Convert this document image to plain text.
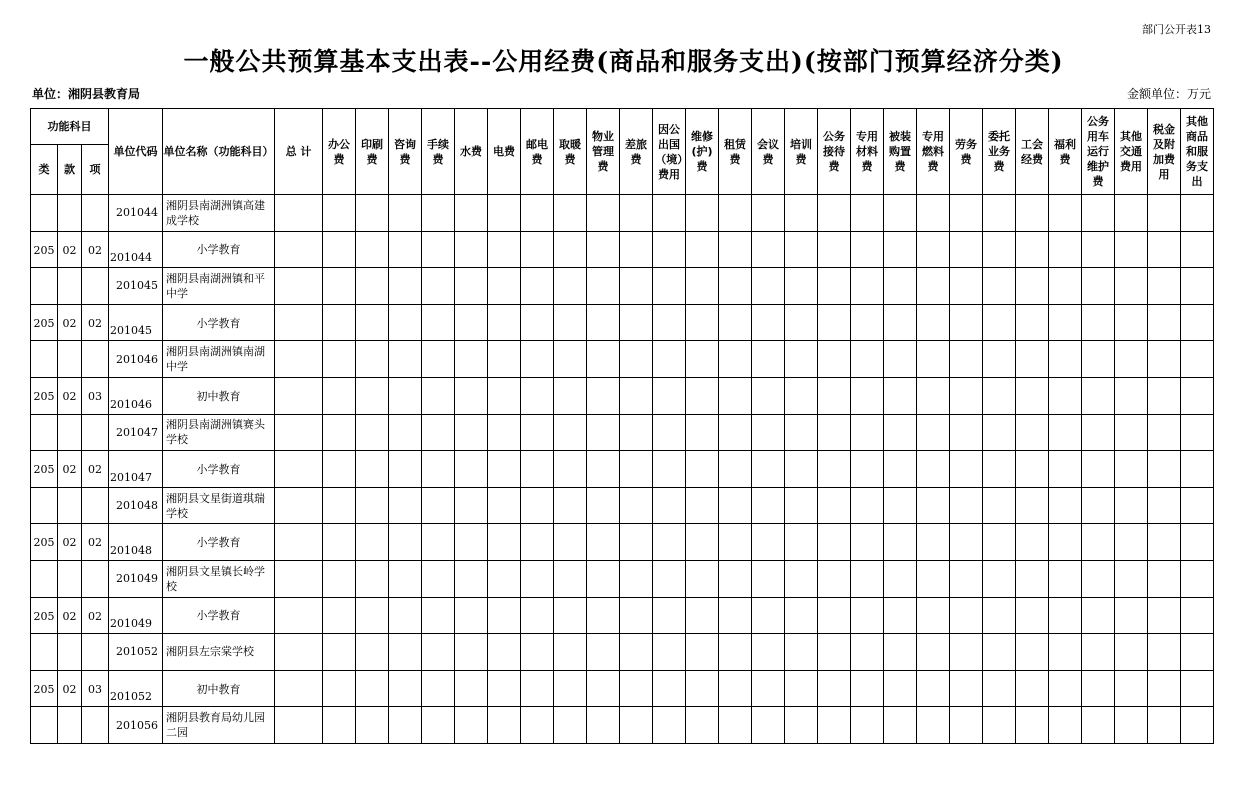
部门公开表13
一般公共预算基本支出表--公用经费(商品和服务支出)(按部门预算经济分类)
单位：湘阴县教育局	金额单位：万元
功能科目			单位代码	单位名称（功能科目）	总 计	办公费	印刷费	咨询费	手续费	水费	电费	邮电费	取暖费	物业管理费	差旅费	因公出国（境）费用	维修(护)费	租赁费	会议费	培训费	公务接待费	专用材料费	被装购置费	专用燃料费	劳务费	委托业务费	工会经费	福利费	公务用车运行维护费	其他交通费用	税金及附加费用	其他商品和服务支出
类	款	项																														
			201044	湘阴县南湖洲镇高建成学校																												
205	02	02	201044	小学教育																												
			201045	湘阴县南湖洲镇和平中学																												
205	02	02	201045	小学教育																												
			201046	湘阴县南湖洲镇南湖中学																												
205	02	03	201046	初中教育																												
			201047	湘阴县南湖洲镇赛头学校																												
205	02	02	201047	小学教育																												
			201048	湘阴县文星街道琪瑞学校																												
205	02	02	201048	小学教育																												
			201049	湘阴县文星镇长岭学校																												
205	02	02	201049	小学教育																												
			201052	湘阴县左宗棠学校																												
205	02	03	201052	初中教育																												
			201056	湘阴县教育局幼儿园二园																												
